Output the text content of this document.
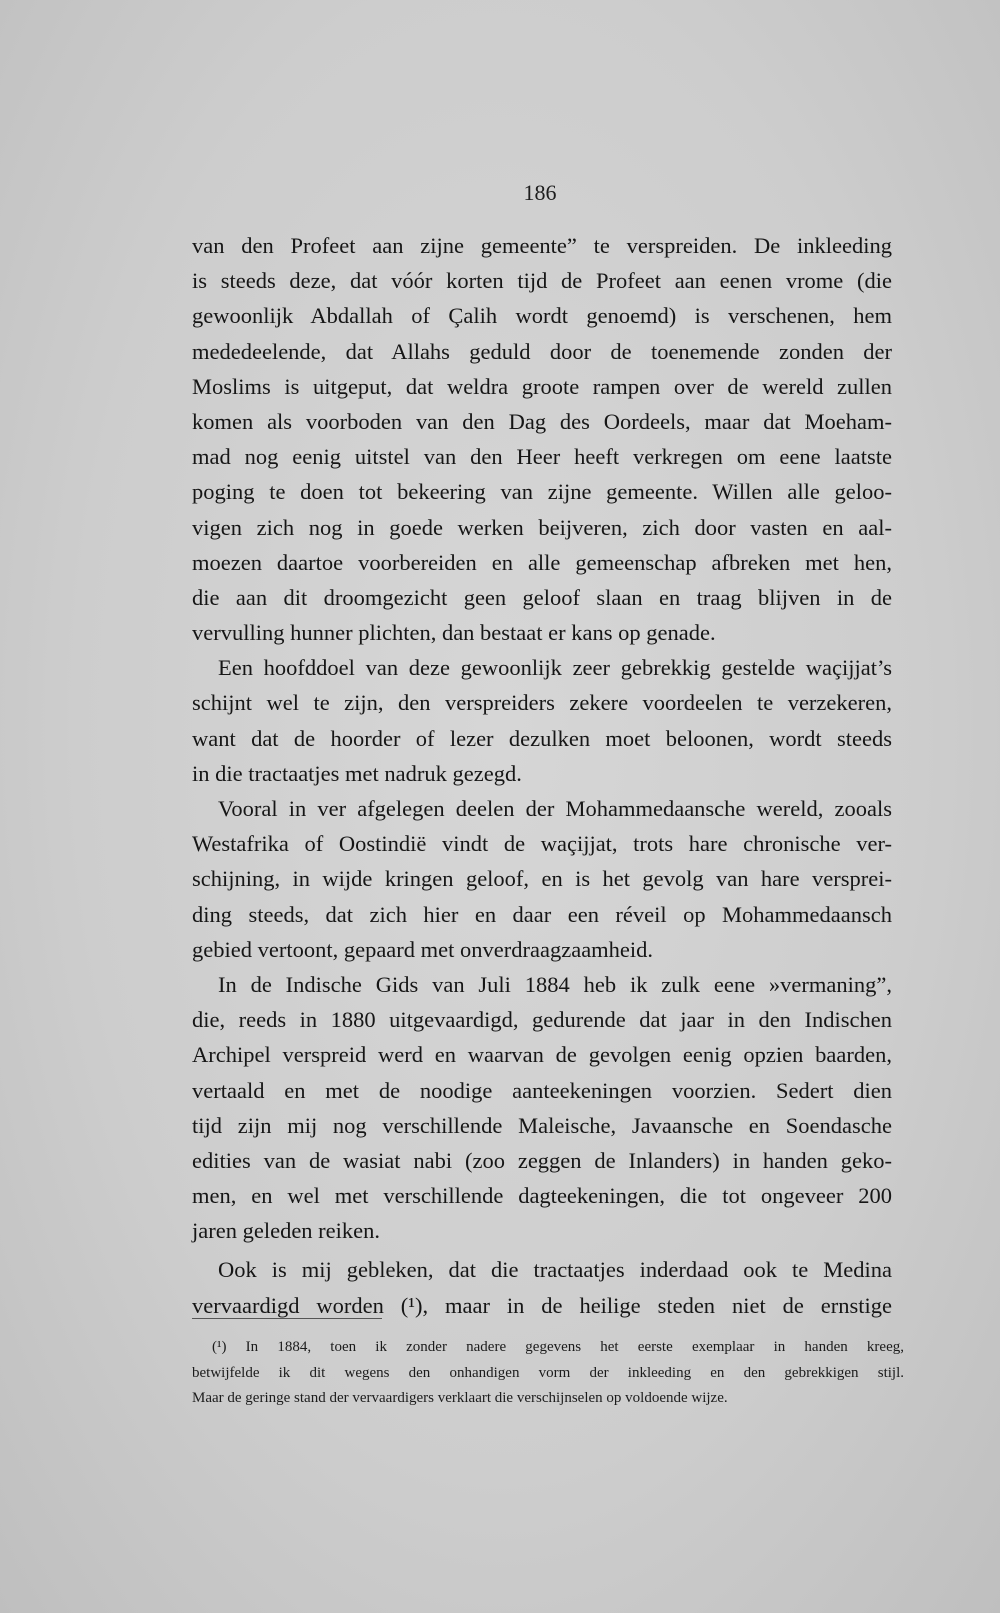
186
van den Profeet aan zijne gemeente” te verspreiden. De inkleeding
is steeds deze, dat vóór korten tijd de Profeet aan eenen vrome (die
gewoonlijk Abdallah of Çalih wordt genoemd) is verschenen, hem
mededeelende, dat Allahs geduld door de toenemende zonden der
Moslims is uitgeput, dat weldra groote rampen over de wereld zullen
komen als voorboden van den Dag des Oordeels, maar dat Moeham-
mad nog eenig uitstel van den Heer heeft verkregen om eene laatste
poging te doen tot bekeering van zijne gemeente. Willen alle geloo-
vigen zich nog in goede werken beijveren, zich door vasten en aal-
moezen daartoe voorbereiden en alle gemeenschap afbreken met hen,
die aan dit droomgezicht geen geloof slaan en traag blijven in de
vervulling hunner plichten, dan bestaat er kans op genade.
Een hoofddoel van deze gewoonlijk zeer gebrekkig gestelde waçijjat’s
schijnt wel te zijn, den verspreiders zekere voordeelen te verzekeren,
want dat de hoorder of lezer dezulken moet beloonen, wordt steeds
in die tractaatjes met nadruk gezegd.
Vooral in ver afgelegen deelen der Mohammedaansche wereld, zooals
Westafrika of Oostindië vindt de waçijjat, trots hare chronische ver-
schijning, in wijde kringen geloof, en is het gevolg van hare versprei-
ding steeds, dat zich hier en daar een réveil op Mohammedaansch
gebied vertoont, gepaard met onverdraagzaamheid.
In de Indische Gids van Juli 1884 heb ik zulk eene »vermaning”,
die, reeds in 1880 uitgevaardigd, gedurende dat jaar in den Indischen
Archipel verspreid werd en waarvan de gevolgen eenig opzien baarden,
vertaald en met de noodige aanteekeningen voorzien. Sedert dien
tijd zijn mij nog verschillende Maleische, Javaansche en Soendasche
edities van de wasiat nabi (zoo zeggen de Inlanders) in handen geko-
men, en wel met verschillende dagteekeningen, die tot ongeveer 200
jaren geleden reiken.
Ook is mij gebleken, dat die tractaatjes inderdaad ook te Medina
vervaardigd worden (¹), maar in de heilige steden niet de ernstige
(¹) In 1884, toen ik zonder nadere gegevens het eerste exemplaar in handen kreeg,
betwijfelde ik dit wegens den onhandigen vorm der inkleeding en den gebrekkigen stijl.
Maar de geringe stand der vervaardigers verklaart die verschijnselen op voldoende wijze.
